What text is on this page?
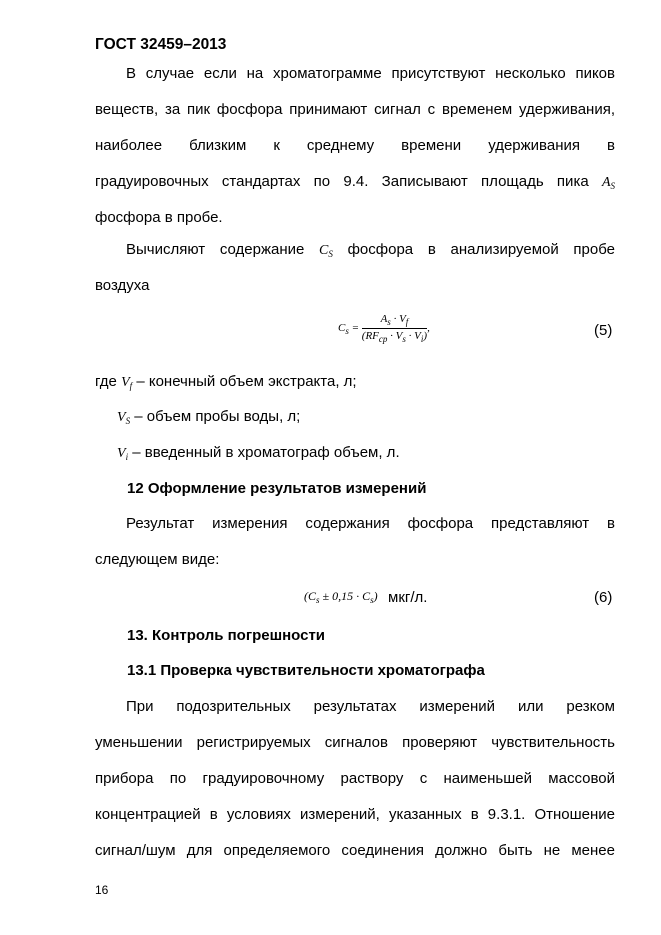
ГОСТ 32459–2013
В случае если на хроматограмме присутствуют несколько пиков
веществ, за пик фосфора принимают сигнал с временем удерживания,
наиболее близким к среднему времени удерживания в
градуировочных стандартах по 9.4. Записывают площадь пика $A_S$
фосфора в пробе.
Вычисляют содержание $C_S$ фосфора в анализируемой пробе
воздуха
$C_s = \frac{A_s \cdot V_f}{(RF_{cp} \cdot V_s \cdot V_i)}$ ,	(5)
где $V_f$ – конечный объем экстракта, л;
$V_S$ – объем пробы воды, л;
$V_i$ – введенный в хроматограф объем, л.
12 Оформление результатов измерений
Результат измерения содержания фосфора представляют в
следующем виде:
$(C_s \pm 0,15 \cdot C_s)$ мкг/л.	(6)
13. Контроль погрешности
13.1 Проверка чувствительности хроматографа
При подозрительных результатах измерений или резком
уменьшении регистрируемых сигналов проверяют чувствительность
прибора по градуировочному раствору с наименьшей массовой
концентрацией в условиях измерений, указанных в 9.3.1. Отношение
сигнал/шум для определяемого соединения должно быть не менее
16
